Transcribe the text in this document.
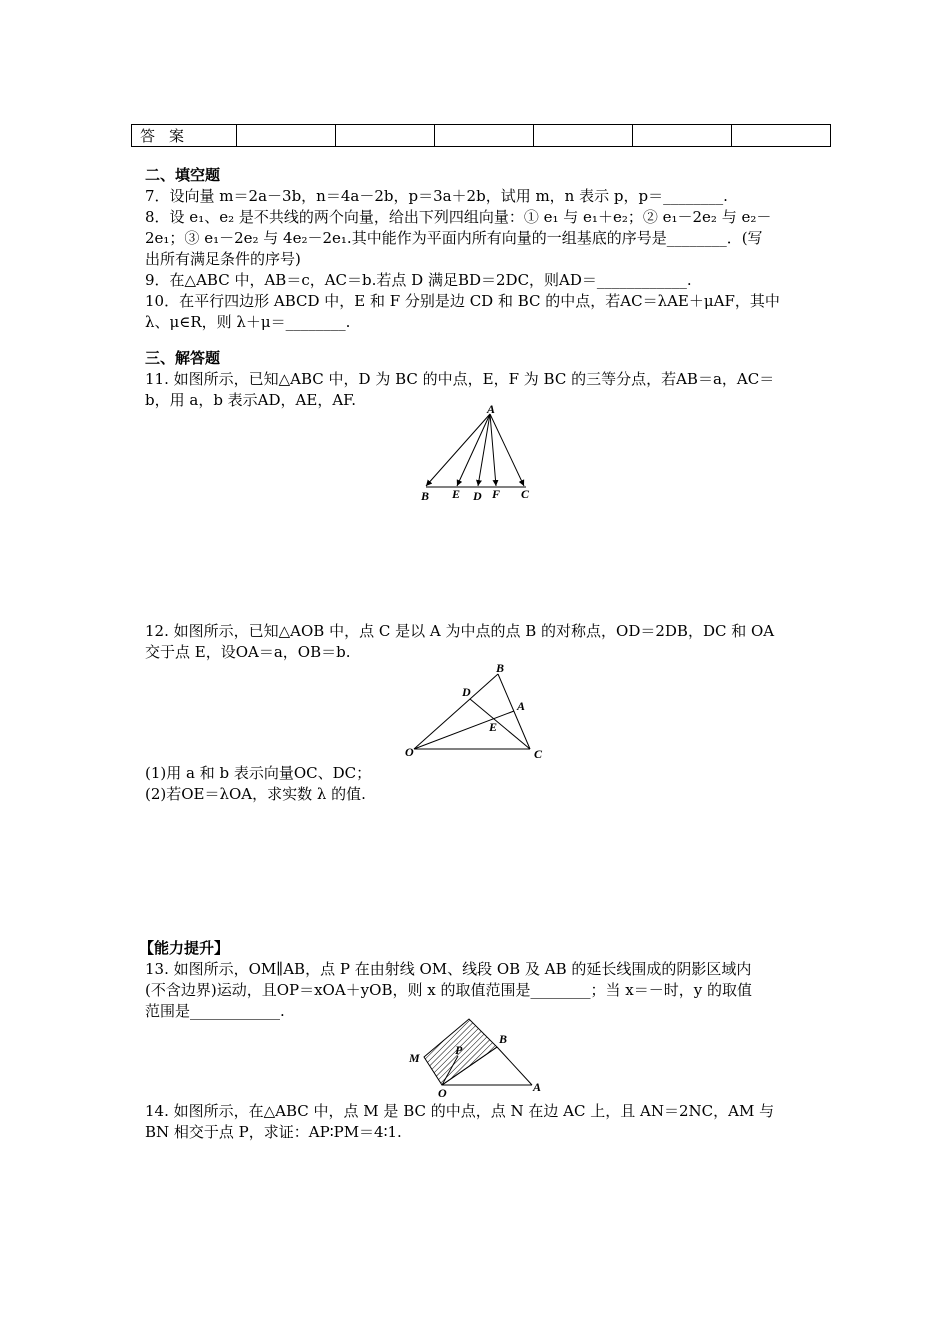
答案						
二、填空题
7．设向量 m＝2a－3b，n＝4a－2b，p＝3a＋2b，试用 m，n 表示 p，p＝________.
8．设 e₁、e₂ 是不共线的两个向量，给出下列四组向量：① e₁ 与 e₁＋e₂；② e₁－2e₂ 与 e₂－
2e₁；③ e₁－2e₂ 与 4e₂－2e₁.其中能作为平面内所有向量的一组基底的序号是________．(写
出所有满足条件的序号)
9．在△ABC 中，AB＝c，AC＝b.若点 D 满足BD＝2DC，则AD＝____________.
10．在平行四边形 ABCD 中，E 和 F 分别是边 CD 和 BC 的中点，若AC＝λAE＋μAF，其中
λ、μ∈R，则 λ＋μ＝________.
三、解答题
11. 如图所示，已知△ABC 中，D 为 BC 的中点，E，F 为 BC 的三等分点，若AB＝a，AC＝
b，用 a，b 表示AD，AE，AF.	A
B E D F C
12. 如图所示，已知△AOB 中，点 C 是以 A 为中点的点 B 的对称点，OD＝2DB，DC 和 OA
交于点 E，设OA＝a，OB＝b.
B
D
A
E
O	C
(1)用 a 和 b 表示向量OC、DC；
(2)若OE＝λOA，求实数 λ 的值.
【能力提升】
13. 如图所示，OM∥AB，点 P 在由射线 OM、线段 OB 及 AB 的延长线围成的阴影区域内
(不含边界)运动，且OP＝xOA＋yOB，则 x 的取值范围是________；当 x＝－时，y 的取值
范围是____________.
M
P
B
O	A
14. 如图所示，在△ABC 中，点 M 是 BC 的中点，点 N 在边 AC 上，且 AN＝2NC，AM 与
BN 相交于点 P，求证：AP∶PM＝4∶1.
